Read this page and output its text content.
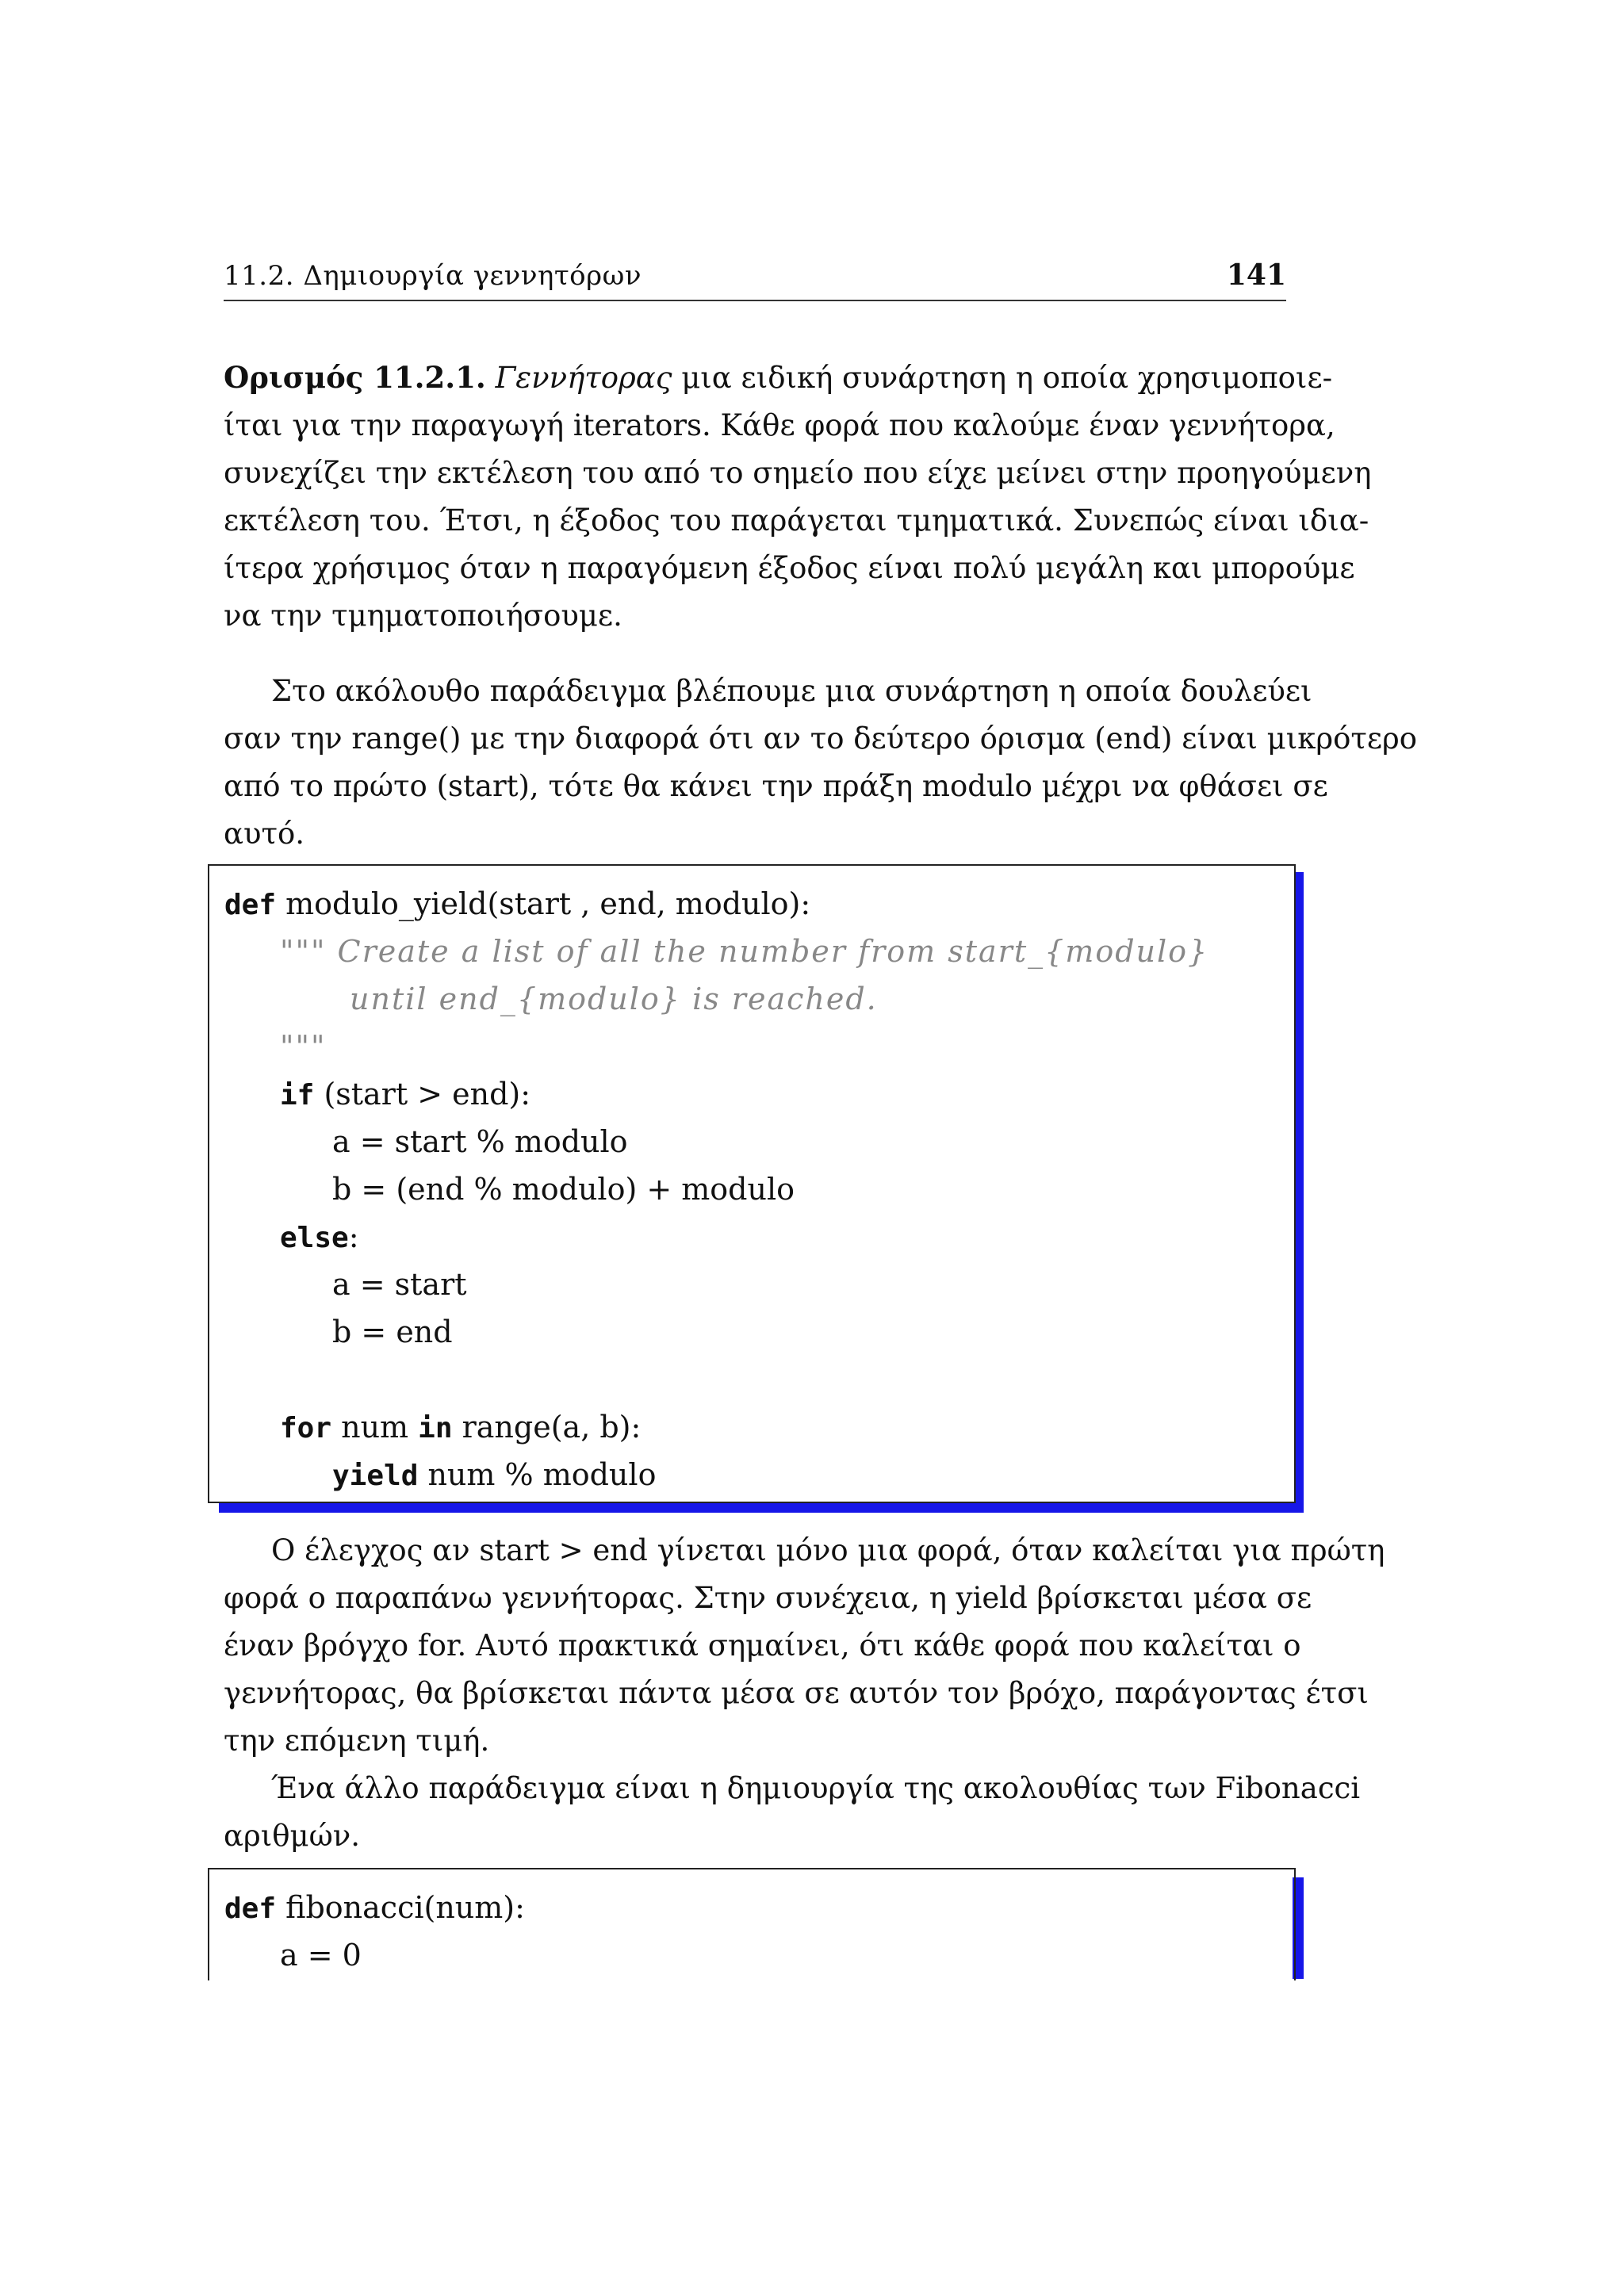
11.2. Δημιουργία γεννητόρων	141
Ορισμός 11.2.1. Γεννήτορας μια ειδική συνάρτηση η οποία χρησιμοποιε-
ίται για την παραγωγή iterators. Κάθε φορά που καλούμε έναν γεννήτορα,
συνεχίζει την εκτέλεση του από το σημείο που είχε μείνει στην προηγούμενη
εκτέλεση του. Έτσι, η έξοδος του παράγεται τμηματικά. Συνεπώς είναι ιδια-
ίτερα χρήσιμος όταν η παραγόμενη έξοδος είναι πολύ μεγάλη και μπορούμε
να την τμηματοποιήσουμε.
Στο ακόλουθο παράδειγμα βλέπουμε μια συνάρτηση η οποία δουλεύει
σαν την range() με την διαφορά ότι αν το δεύτερο όρισμα (end) είναι μικρότερο
από το πρώτο (start), τότε θα κάνει την πράξη modulo μέχρι να φθάσει σε
αυτό.
def modulo_yield(start , end, modulo):
""" Create a list of all the number from start_{modulo}
until end_{modulo} is reached.
"""
if (start > end):
a = start % modulo
b = (end % modulo) + modulo
else:
a = start
b = end
for num in range(a, b):
yield num % modulo
Ο έλεγχος αν start > end γίνεται μόνο μια φορά, όταν καλείται για πρώτη
φορά ο παραπάνω γεννήτορας. Στην συνέχεια, η yield βρίσκεται μέσα σε
έναν βρόγχο for. Αυτό πρακτικά σημαίνει, ότι κάθε φορά που καλείται ο
γεννήτορας, θα βρίσκεται πάντα μέσα σε αυτόν τον βρόχο, παράγοντας έτσι
την επόμενη τιμή.
Ένα άλλο παράδειγμα είναι η δημιουργία της ακολουθίας των Fibonacci
αριθμών.
def fibonacci(num):
a = 0
